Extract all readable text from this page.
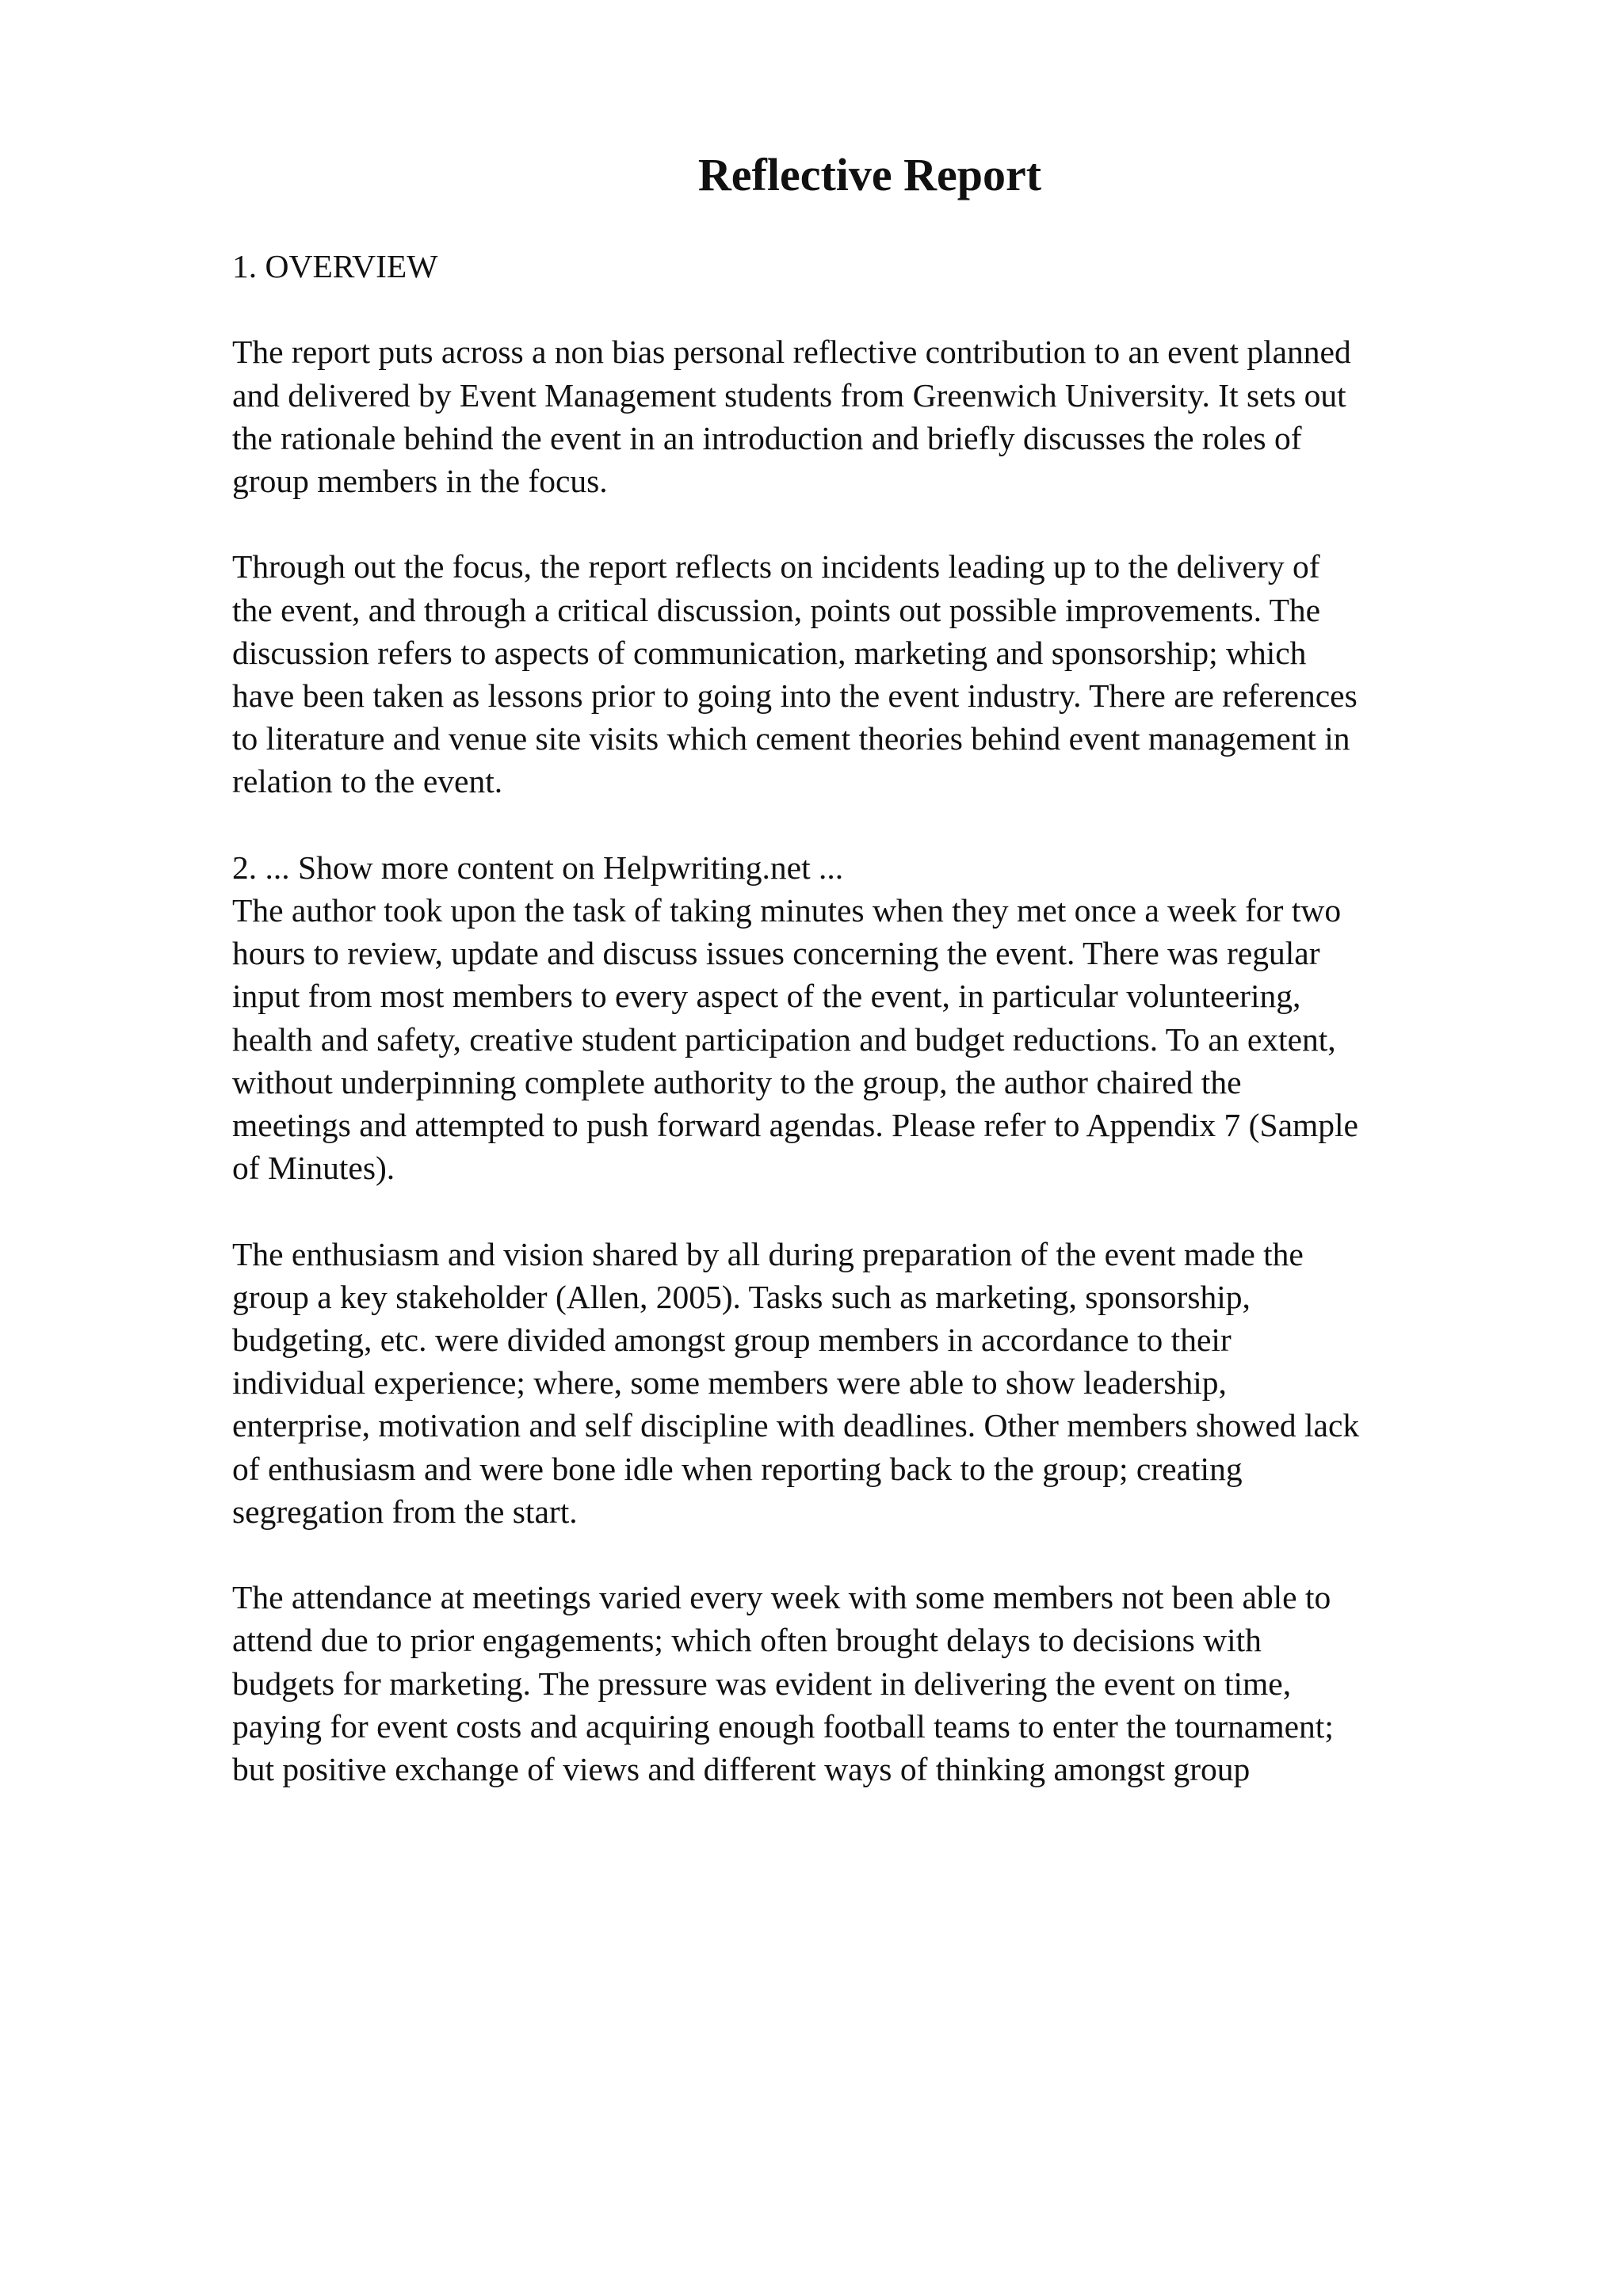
Reflective Report

1. OVERVIEW

The report puts across a non bias personal reflective contribution to an event planned
and delivered by Event Management students from Greenwich University. It sets out
the rationale behind the event in an introduction and briefly discusses the roles of
group members in the focus.

Through out the focus, the report reflects on incidents leading up to the delivery of
the event, and through a critical discussion, points out possible improvements. The
discussion refers to aspects of communication, marketing and sponsorship; which
have been taken as lessons prior to going into the event industry. There are references
to literature and venue site visits which cement theories behind event management in
relation to the event.

2. ... Show more content on Helpwriting.net ...

The author took upon the task of taking minutes when they met once a week for two
hours to review, update and discuss issues concerning the event. There was regular
input from most members to every aspect of the event, in particular volunteering,
health and safety, creative student participation and budget reductions. To an extent,
without underpinning complete authority to the group, the author chaired the
meetings and attempted to push forward agendas. Please refer to Appendix 7 (Sample
of Minutes).

The enthusiasm and vision shared by all during preparation of the event made the
group a key stakeholder (Allen, 2005). Tasks such as marketing, sponsorship,
budgeting, etc. were divided amongst group members in accordance to their
individual experience; where, some members were able to show leadership,
enterprise, motivation and self discipline with deadlines. Other members showed lack
of enthusiasm and were bone idle when reporting back to the group; creating
segregation from the start.

The attendance at meetings varied every week with some members not been able to
attend due to prior engagements; which often brought delays to decisions with
budgets for marketing. The pressure was evident in delivering the event on time,
paying for event costs and acquiring enough football teams to enter the tournament;
but positive exchange of views and different ways of thinking amongst group
